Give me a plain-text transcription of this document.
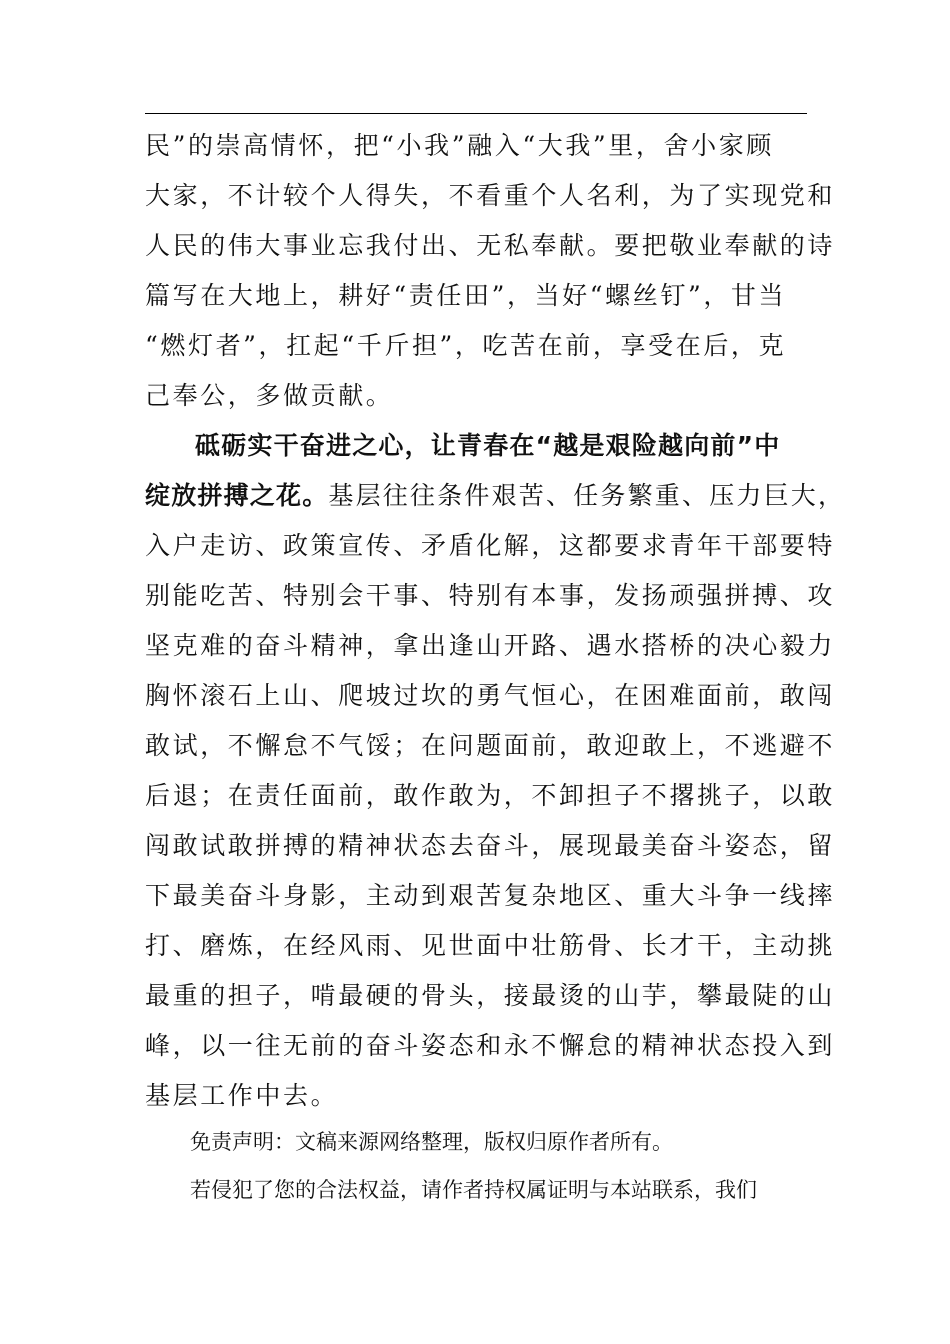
民”的崇高情怀，把“小我”融入“大我”里，舍小家顾
大家，不计较个人得失，不看重个人名利，为了实现党和
人民的伟大事业忘我付出、无私奉献。要把敬业奉献的诗
篇写在大地上，耕好“责任田”，当好“螺丝钉”，甘当
“燃灯者”，扛起“千斤担”，吃苦在前，享受在后，克
己奉公，多做贡献。
砥砺实干奋进之心，让青春在“越是艰险越向前”中
绽放拼搏之花。基层往往条件艰苦、任务繁重、压力巨大，
入户走访、政策宣传、矛盾化解，这都要求青年干部要特
别能吃苦、特别会干事、特别有本事，发扬顽强拼搏、攻
坚克难的奋斗精神，拿出逢山开路、遇水搭桥的决心毅力
胸怀滚石上山、爬坡过坎的勇气恒心，在困难面前，敢闯
敢试，不懈怠不气馁；在问题面前，敢迎敢上，不逃避不
后退；在责任面前，敢作敢为，不卸担子不撂挑子，以敢
闯敢试敢拼搏的精神状态去奋斗，展现最美奋斗姿态，留
下最美奋斗身影，主动到艰苦复杂地区、重大斗争一线摔
打、磨炼，在经风雨、见世面中壮筋骨、长才干，主动挑
最重的担子，啃最硬的骨头，接最烫的山芋，攀最陡的山
峰，以一往无前的奋斗姿态和永不懈怠的精神状态投入到
基层工作中去。
免责声明：文稿来源网络整理，版权归原作者所有。
若侵犯了您的合法权益，请作者持权属证明与本站联系，我们
